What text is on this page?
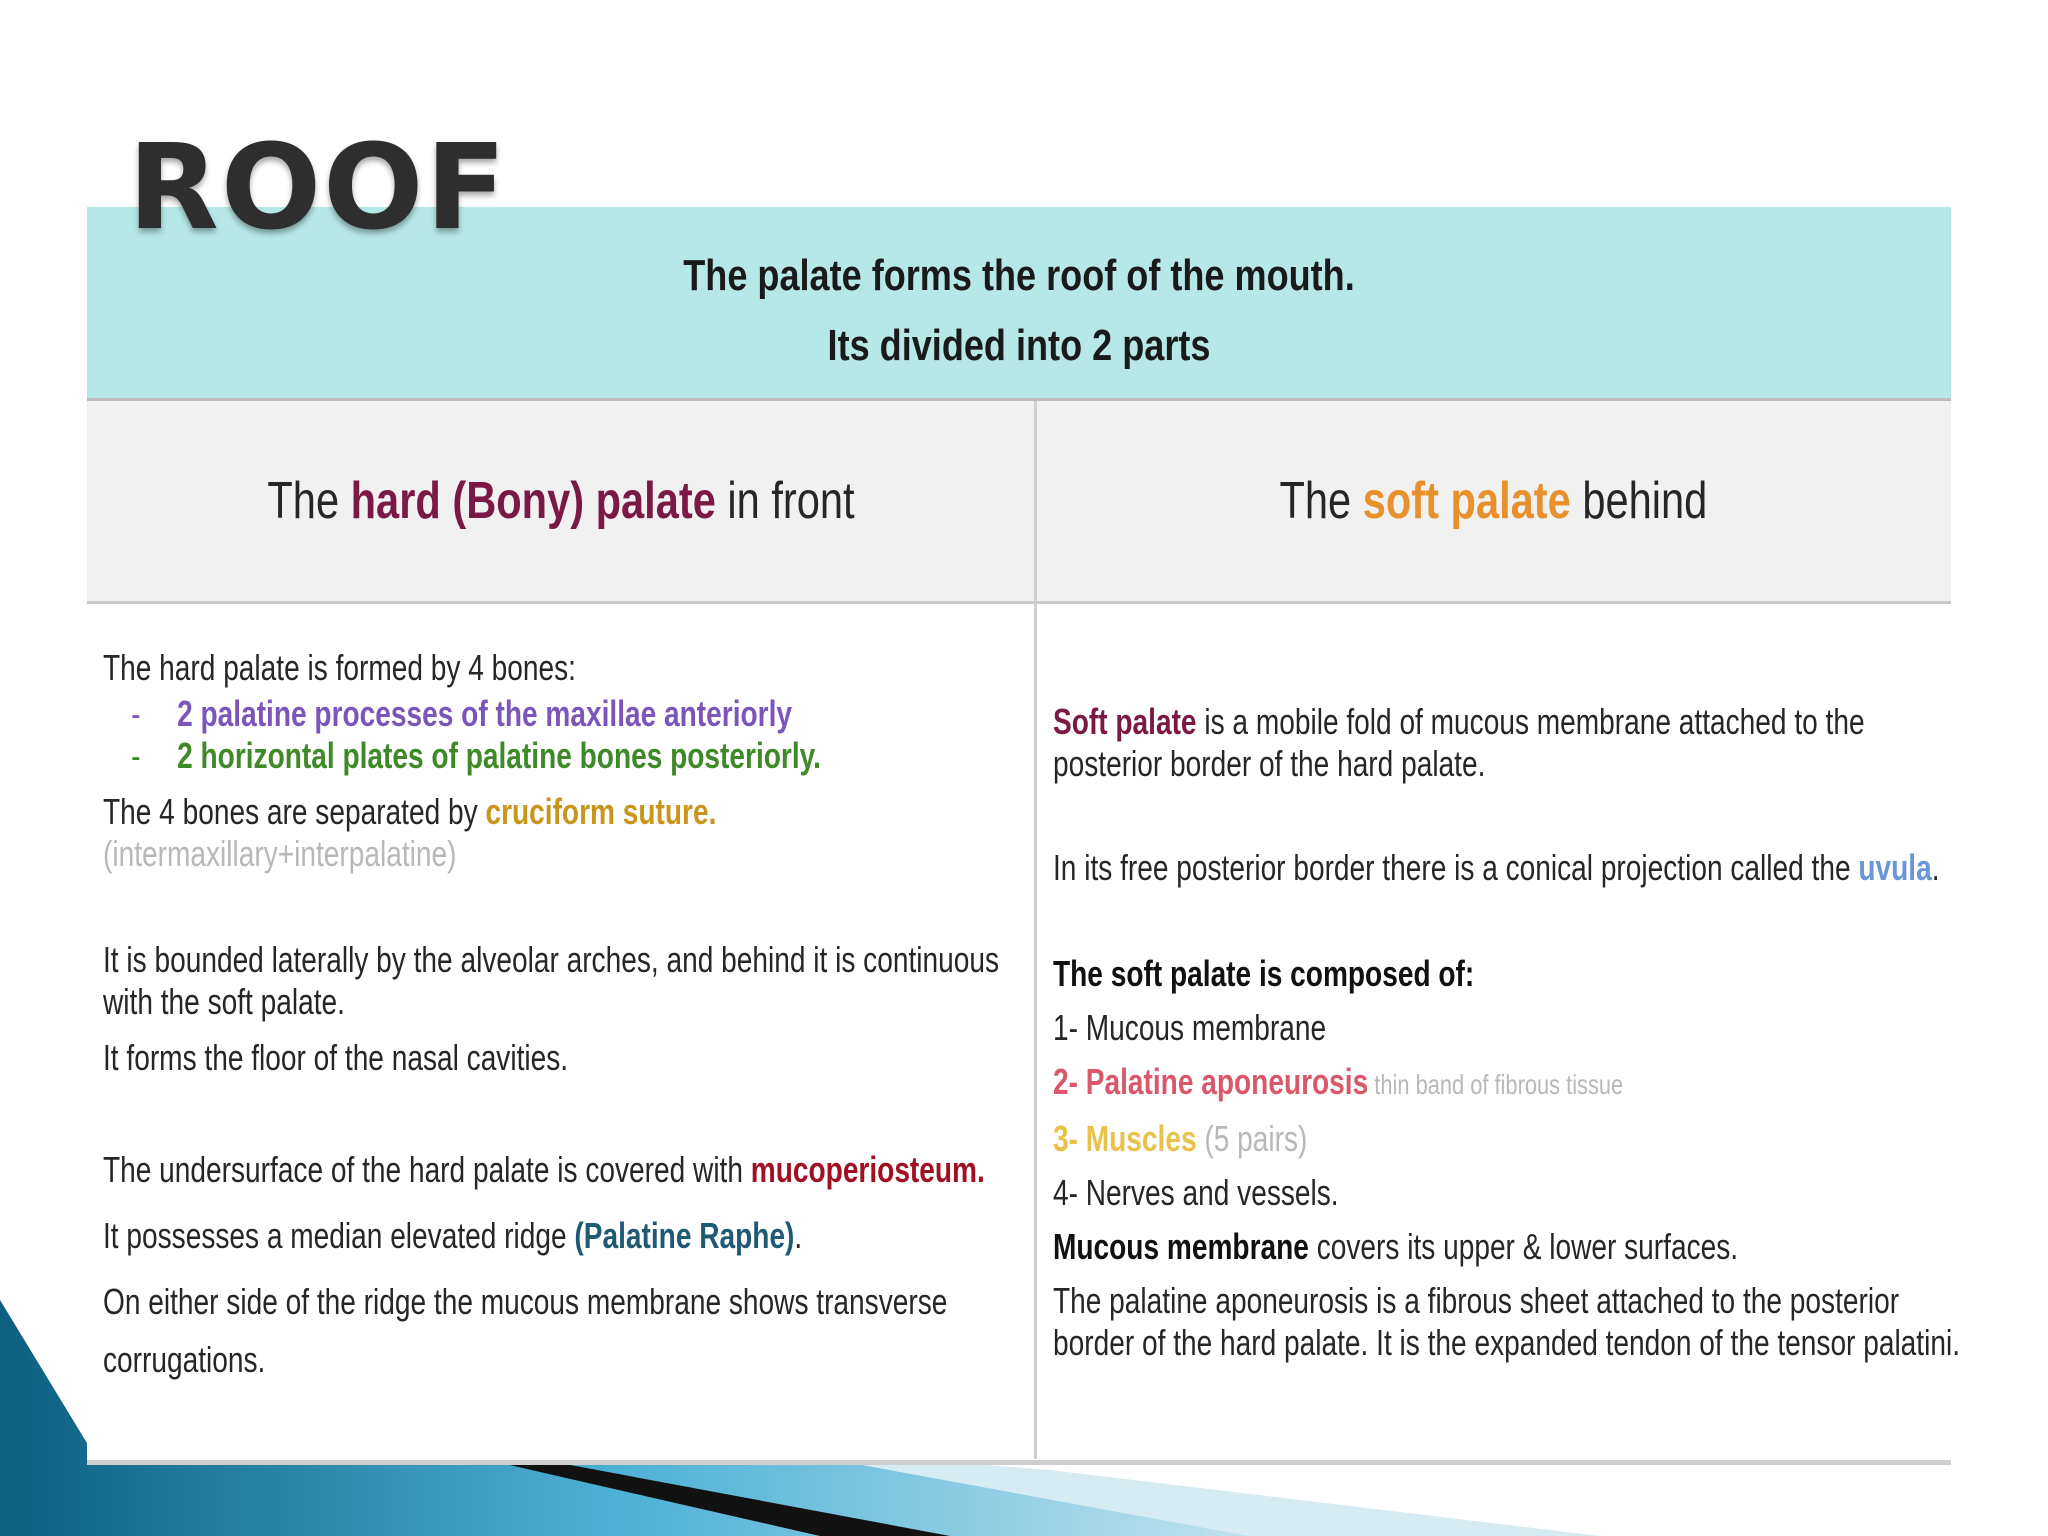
ROOF
The palate forms the roof of the mouth.
Its divided into 2 parts
The hard (Bony) palate in front	The soft palate behind

The hard palate is formed by 4 bones:

- 2 palatine processes of the maxillae anteriorly

- 2 horizontal plates of palatine bones posteriorly.

The 4 bones are separated by cruciform suture.

(intermaxillary+interpalatine)

It is bounded laterally by the alveolar arches, and behind it is continuous

with the soft palate.

It forms the floor of the nasal cavities.

The undersurface of the hard palate is covered with mucoperiosteum.

It possesses a median elevated ridge (Palatine Raphe).

On either side of the ridge the mucous membrane shows transverse

corrugations.

Soft palate is a mobile fold of mucous membrane attached to the

posterior border of the hard palate.

In its free posterior border there is a conical projection called the uvula.

The soft palate is composed of:

1- Mucous membrane

2- Palatine aponeurosis thin band of fibrous tissue

3- Muscles (5 pairs)

4- Nerves and vessels.

Mucous membrane covers its upper & lower surfaces.

The palatine aponeurosis is a fibrous sheet attached to the posterior

border of the hard palate. It is the expanded tendon of the tensor palatini.
